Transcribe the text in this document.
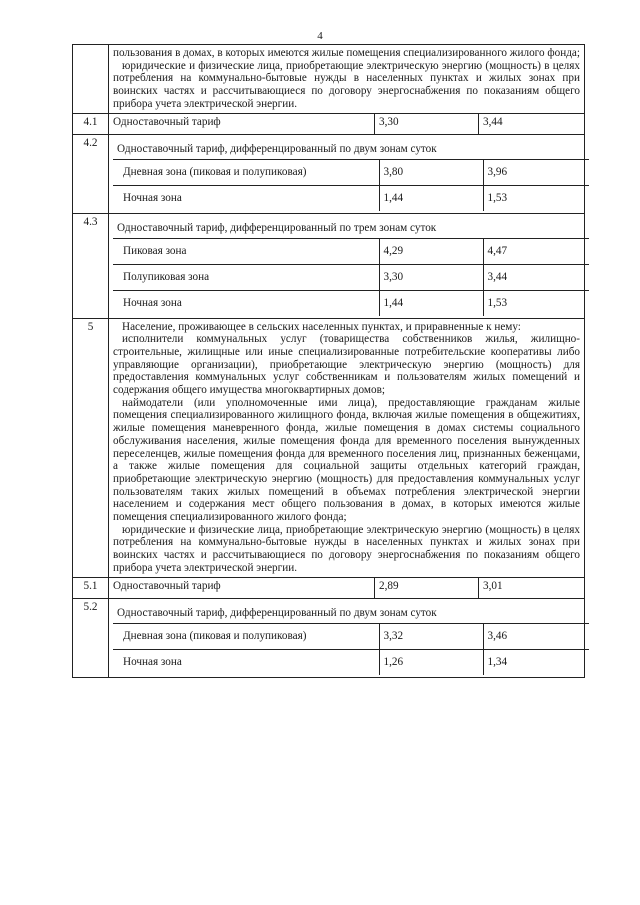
4

пользования в домах, в которых имеются жилые помещения специализированного жилого фонда;

юридические и физические лица, приобретающие электрическую энергию (мощность) в целях потребления на коммунально-бытовые нужды в населенных пунктах и жилых зонах при воинских частях и рассчитывающиеся по договору энергоснабжения по показаниям общего прибора учета электрической энергии.

4.1	Одноставочный тариф	3,30	3,44
4.2	Одноставочный тариф, дифференцированный по двум зонам суток
Дневная зона (пиковая и полупиковая)	3,80	3,96
Ночная зона	1,44	1,53

4.3	Одноставочный тариф, дифференцированный по трем зонам суток
Пиковая зона	4,29	4,47
Полупиковая зона	3,30	3,44
Ночная зона	1,44	1,53

5	Население, проживающее в сельских населенных пунктах, и приравненные к нему:

исполнители коммунальных услуг (товарищества собственников жилья, жилищно-строительные, жилищные или иные специализированные потребительские кооперативы либо управляющие организации), приобретающие электрическую энергию (мощность) для предоставления коммунальных услуг собственникам и пользователям жилых помещений и содержания общего имущества многоквартирных домов;

наймодатели (или уполномоченные ими лица), предоставляющие гражданам жилые помещения специализированного жилищного фонда, включая жилые помещения в общежитиях, жилые помещения маневренного фонда, жилые помещения в домах системы социального обслуживания населения, жилые помещения фонда для временного поселения вынужденных переселенцев, жилые помещения фонда для временного поселения лиц, признанных беженцами, а также жилые помещения для социальной защиты отдельных категорий граждан, приобретающие электрическую энергию (мощность) для предоставления коммунальных услуг пользователям таких жилых помещений в объемах потребления электрической энергии населением и содержания мест общего пользования в домах, в которых имеются жилые помещения специализированного жилого фонда;

юридические и физические лица, приобретающие электрическую энергию (мощность) в целях потребления на коммунально-бытовые нужды в населенных пунктах и жилых зонах при воинских частях и рассчитывающиеся по договору энергоснабжения по показаниям общего прибора учета электрической энергии.

5.1	Одноставочный тариф	2,89	3,01
5.2	Одноставочный тариф, дифференцированный по двум зонам суток
Дневная зона (пиковая и полупиковая)	3,32	3,46
Ночная зона	1,26	1,34
